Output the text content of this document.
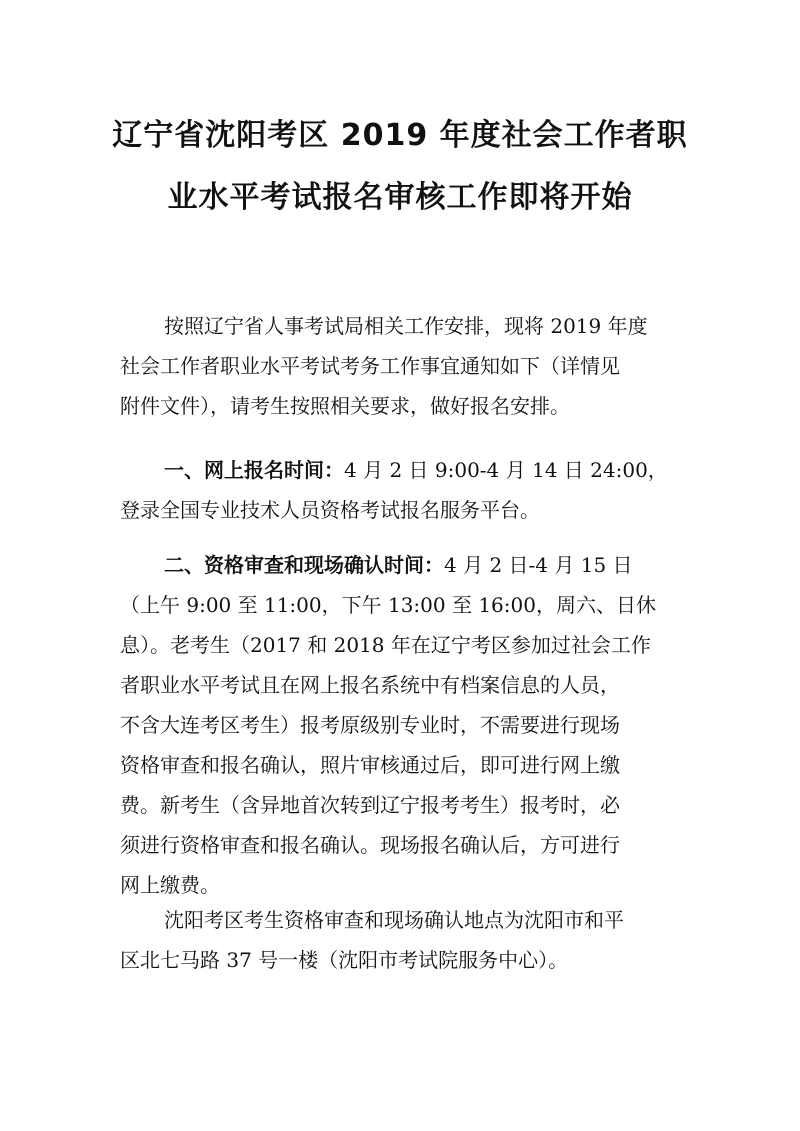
辽宁省沈阳考区 2019 年度社会工作者职
业水平考试报名审核工作即将开始
按照辽宁省人事考试局相关工作安排，现将 2019 年度
社会工作者职业水平考试考务工作事宜通知如下（详情见
附件文件），请考生按照相关要求，做好报名安排。
一、网上报名时间：4 月 2 日 9:00-4 月 14 日 24:00，
登录全国专业技术人员资格考试报名服务平台。
二、资格审查和现场确认时间：4 月 2 日-4 月 15 日
（上午 9:00 至 11:00，下午 13:00 至 16:00，周六、日休
息）。老考生（2017 和 2018 年在辽宁考区参加过社会工作
者职业水平考试且在网上报名系统中有档案信息的人员，
不含大连考区考生）报考原级别专业时，不需要进行现场
资格审查和报名确认，照片审核通过后，即可进行网上缴
费。新考生（含异地首次转到辽宁报考考生）报考时，必
须进行资格审查和报名确认。现场报名确认后，方可进行
网上缴费。
沈阳考区考生资格审查和现场确认地点为沈阳市和平
区北七马路 37 号一楼（沈阳市考试院服务中心）。
